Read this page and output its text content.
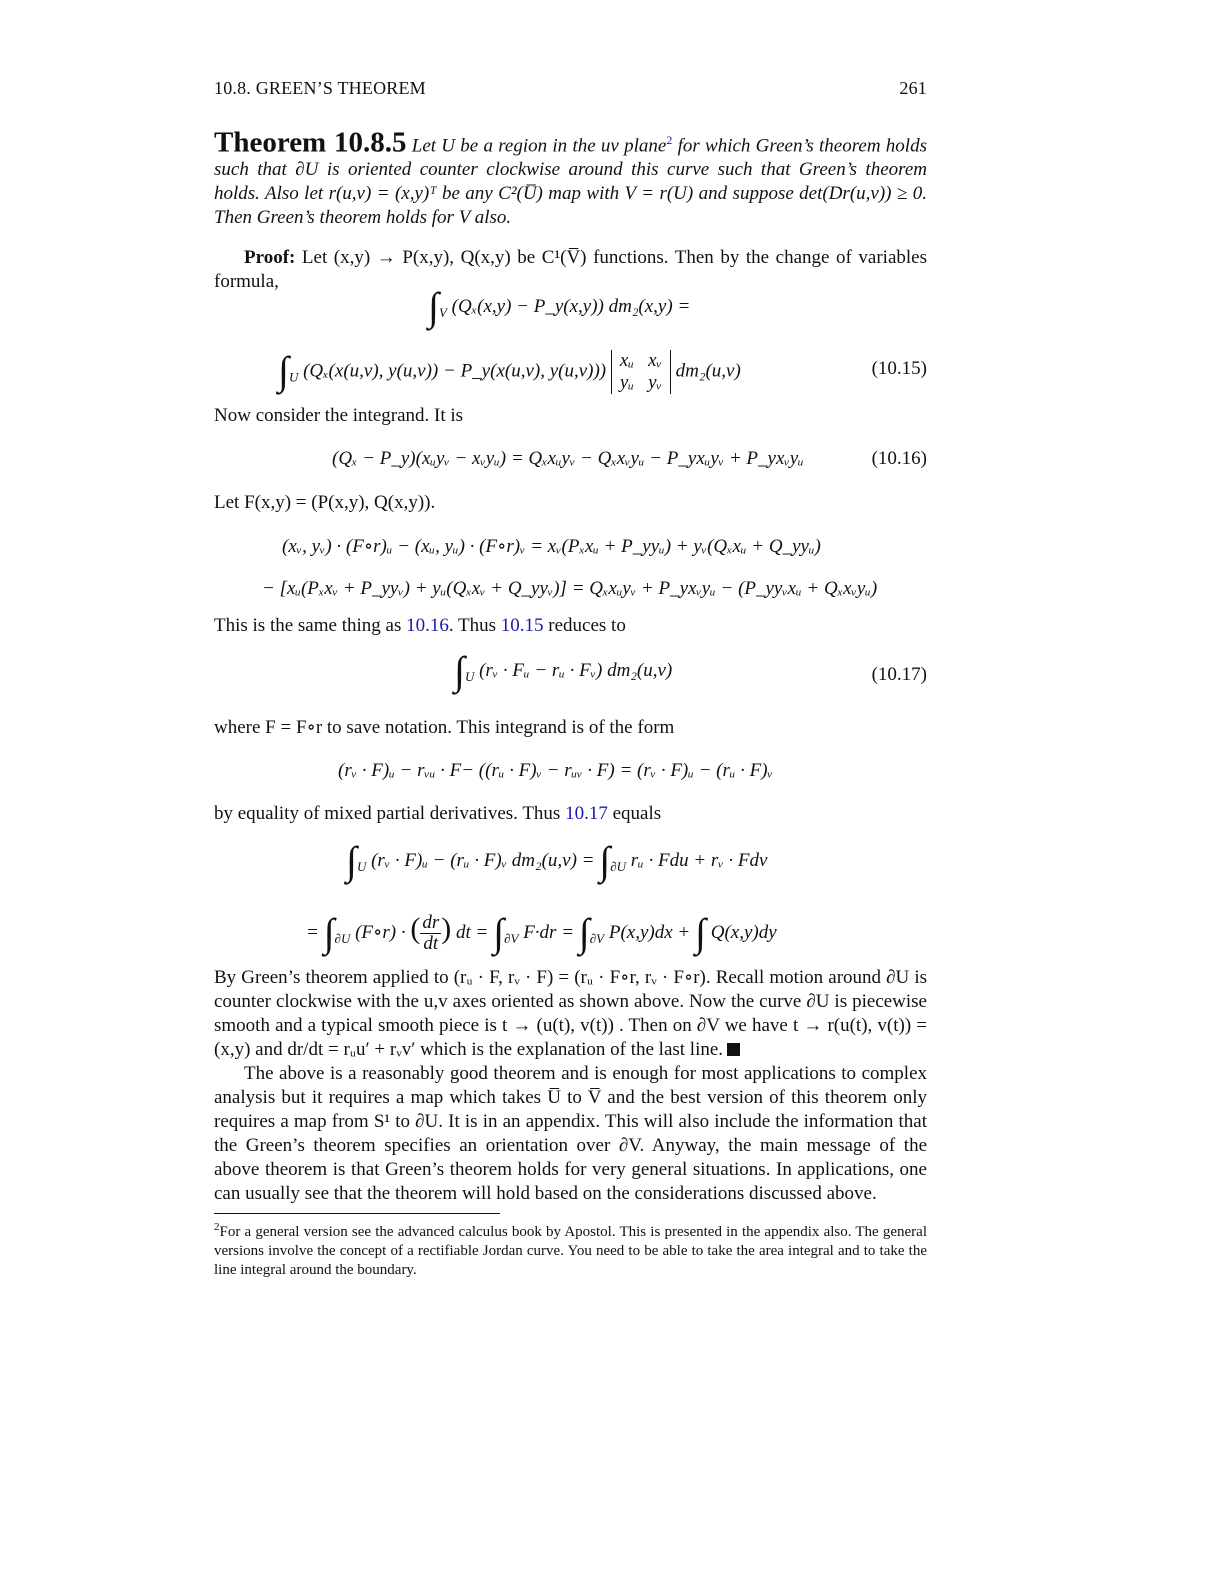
10.8. GREEN’S THEOREM	261
Theorem 10.8.5 Let U be a region in the uv plane$^2$ for which Green’s theorem holds such that ∂U is oriented counter clockwise around this curve such that Green’s theorem holds. Also let r(u,v) = (x,y)ᵀ be any C²(U̅) map with V = r(U) and suppose det(Dr(u,v)) ≥ 0. Then Green’s theorem holds for V also.
Proof: Let (x,y) → P(x,y), Q(x,y) be C¹(V̅) functions. Then by the change of variables formula,
$\int_V$ (Qₓ(x,y) − P_y(x,y)) dm₂(x,y) =
$\int_U$ (Qₓ(x(u,v), y(u,v)) − P_y(x(u,v), y(u,v))) xᵤ xᵥ
yᵤ yᵥ dm₂(u,v)	(10.15)
Now consider the integrand. It is
(Qₓ − P_y)(xᵤyᵥ − xᵥyᵤ) = Qₓxᵤyᵥ − Qₓxᵥyᵤ − P_yxᵤyᵥ + P_yxᵥyᵤ	(10.16)
Let F(x,y) = (P(x,y), Q(x,y)).
(xᵥ, yᵥ) · (F∘r)ᵤ − (xᵤ, yᵤ) · (F∘r)ᵥ = xᵥ(Pₓxᵤ + P_yyᵤ) + yᵥ(Qₓxᵤ + Q_yyᵤ)
− [xᵤ(Pₓxᵥ + P_yyᵥ) + yᵤ(Qₓxᵥ + Q_yyᵥ)] = Qₓxᵤyᵥ + P_yxᵥyᵤ − (P_yyᵥxᵤ + Qₓxᵥyᵤ)
This is the same thing as 10.16. Thus 10.15 reduces to
$\int_U$ (rᵥ · Fᵤ − rᵤ · Fᵥ) dm₂(u,v)	(10.17)
where F = F∘r to save notation. This integrand is of the form
(rᵥ · F)ᵤ − rᵥᵤ · F− ((rᵤ · F)ᵥ − rᵤᵥ · F) = (rᵥ · F)ᵤ − (rᵤ · F)ᵥ
by equality of mixed partial derivatives. Thus 10.17 equals
$\int_U$ (rᵥ · F)ᵤ − (rᵤ · F)ᵥ $dm_2(u,v) = \int_{\partial U}$ rᵤ · Fdu + rᵥ · Fdv
= $\int_{\partial U}$ (F∘r) · ( $\frac{dr}{dt}$ ) dt = $\int_{\partial V}$ $F\cdot dr = \int_{\partial V}$ P(x,y)dx + ∫ Q(x,y)dy
By Green’s theorem applied to (rᵤ · F, rᵥ · F) = (rᵤ · F∘r, rᵥ · F∘r). Recall motion around ∂U is counter clockwise with the u,v axes oriented as shown above. Now the curve ∂U is piecewise smooth and a typical smooth piece is t → (u(t), v(t)) . Then on ∂V we have t → r(u(t), v(t)) = (x,y) and dr/dt = rᵤu′ + rᵥv′ which is the explanation of the last line.
The above is a reasonably good theorem and is enough for most applications to complex analysis but it requires a map which takes U̅ to V̅ and the best version of this theorem only requires a map from S¹ to ∂U. It is in an appendix. This will also include the information that the Green’s theorem specifies an orientation over ∂V. Anyway, the main message of the above theorem is that Green’s theorem holds for very general situations. In applications, one can usually see that the theorem will hold based on the considerations discussed above.
$^2$For a general version see the advanced calculus book by Apostol. This is presented in the appendix also. The general versions involve the concept of a rectifiable Jordan curve. You need to be able to take the area integral and to take the line integral around the boundary.
